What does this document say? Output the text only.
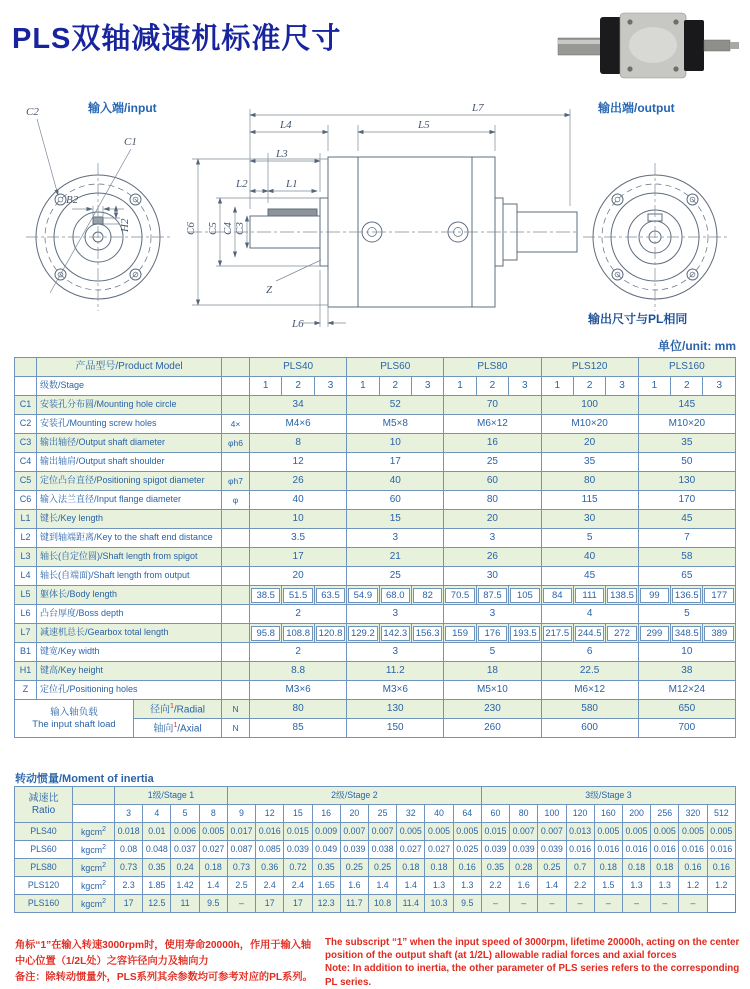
PLS双轴减速机标准尺寸
输入端/input	输出端/output
输出尺寸与PL相同
C2
C1
B2
H2
L7
L4	L5
L3
L2	L1
L6
Z
C6 C5 C4 C3
单位/unit: mm
	产品型号/Product Model			PLS40			PLS60			PLS80			PLS120			PLS160		
	级数/Stage			1	2	3	1	2	3	1	2	3	1	2	3	1	2	3
C1	安装孔分布圆/Mounting hole circle			34			52			70			100			145		
C2	安装孔/Mounting screw holes		4×	M4×6			M5×8			M6×12			M10×20			M10×20		
C3	输出轴径/Output shaft diameter		φh6	8			10			16			20			35		
C4	输出轴肩/Output shaft shoulder			12			17			25			35			50		
C5	定位凸台直径/Positioning spigot diameter		φh7	26			40			60			80			130		
C6	输入法兰直径/Input flange diameter		φ	40			60			80			115			170		
L1	键长/Key length			10			15			20			30			45		
L2	键到轴端距离/Key to the shaft end distance			3.5			3			3			5			7		
L3	轴长(自定位圆)/Shaft length from spigot			17			21			26			40			58		
L4	轴长(自端面)/Shaft length from output			20			25			30			45			65		
L5	躯体长/Body length			38.5	51.5	63.5	54.9	68.0	82	70.5	87.5	105	84	111	138.5	99	136.5	177

L6	凸台厚度/Boss depth			2			3			3			4			5		
L7	减速机总长/Gearbox total length			95.8	108.8	120.8	129.2	142.3	156.3	159	176	193.5	217.5	244.5	272	299	348.5	389

B1	键宽/Key width			2			3			5			6			10		
H1	键高/Key height			8.8			11.2			18			22.5			38		
Z	定位孔/Positioning holes			M3×6			M3×6			M5×10			M6×12			M12×24		

输入轴负载
The input shaft load		径向$^1$/Radial	N	80			130			230			580			650		
		轴向$^1$/Axial	N	85			150			260			600			700		
转动惯量/Moment of inertia
减速比
Ratio		1级/Stage 1				2级/Stage 2									3级/Stage 3								
		3	4	5	8	9	12	15	16	20	25	32	40	64	60	80	100	120	160	200	256	320	512
PLS40	kgcm$^2$	0.018	0.01	0.006	0.005	0.017	0.016	0.015	0.009	0.007	0.007	0.005	0.005	0.005	0.015	0.007	0.007	0.013	0.005	0.005	0.005	0.005	0.005
PLS60	kgcm$^2$	0.08	0.048	0.037	0.027	0.087	0.085	0.039	0.049	0.039	0.038	0.027	0.027	0.025	0.039	0.039	0.039	0.016	0.016	0.016	0.016	0.016	0.016
PLS80	kgcm$^2$	0.73	0.35	0.24	0.18	0.73	0.36	0.72	0.35	0.25	0.25	0.18	0.18	0.16	0.35	0.28	0.25	0.7	0.18	0.18	0.18	0.16	0.16
PLS120	kgcm$^2$	2.3	1.85	1.42	1.4	2.5	2.4	2.4	1.65	1.6	1.4	1.4	1.3	1.3	2.2	1.6	1.4	2.2	1.5	1.3	1.3	1.2	1.2
PLS160	kgcm$^2$	17	12.5	11	9.5	–	17	17	12.3	11.7	10.8	11.4	10.3	9.5	–	–	–	–	–	–	–	–	
角标“1”在输入转速3000rpm时，使用寿命20000h，作用于输入轴
中心位置（1/2L处）之容许径向力及轴向力
备注：除转动惯量外，PLS系列其余参数均可参考对应的PL系列。
The subscript “1” when the input speed of 3000rpm, lifetime 20000h, acting on the center
position of the output shaft (at 1/2L) allowable radial forces and axial forces
Note: In addition to inertia, the other parameter of PLS series refers to the corresponding
PL series.
